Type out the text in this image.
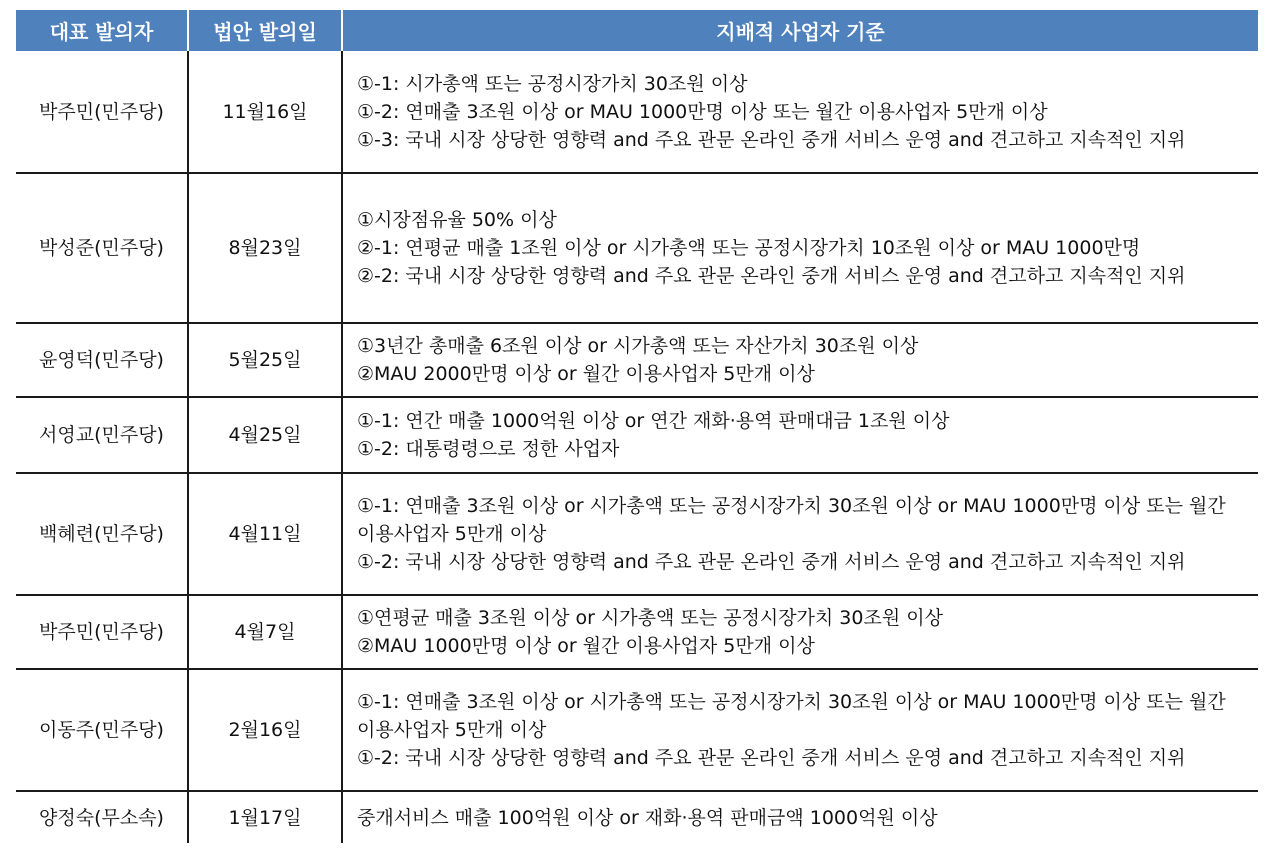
대표 발의자	법안 발의일	지배적 사업자 기준
박주민(민주당)	11월16일	①-1: 시가총액 또는 공정시장가치 30조원 이상
①-2: 연매출 3조원 이상 or MAU 1000만명 이상 또는 월간 이용사업자 5만개 이상
①-3: 국내 시장 상당한 영향력 and 주요 관문 온라인 중개 서비스 운영 and 견고하고 지속적인 지위

박성준(민주당)	8월23일	①시장점유율 50% 이상
②-1: 연평균 매출 1조원 이상 or 시가총액 또는 공정시장가치 10조원 이상 or MAU 1000만명
②-2: 국내 시장 상당한 영향력 and 주요 관문 온라인 중개 서비스 운영 and 견고하고 지속적인 지위

윤영덕(민주당)	5월25일	①3년간 총매출 6조원 이상 or 시가총액 또는 자산가치 30조원 이상
②MAU 2000만명 이상 or 월간 이용사업자 5만개 이상

서영교(민주당)	4월25일	①-1: 연간 매출 1000억원 이상 or 연간 재화·용역 판매대금 1조원 이상
①-2: 대통령령으로 정한 사업자

백혜련(민주당)	4월11일	①-1: 연매출 3조원 이상 or 시가총액 또는 공정시장가치 30조원 이상 or MAU 1000만명 이상 또는 월간 이용사업자 5만개 이상
①-2: 국내 시장 상당한 영향력 and 주요 관문 온라인 중개 서비스 운영 and 견고하고 지속적인 지위

박주민(민주당)	4월7일	①연평균 매출 3조원 이상 or 시가총액 또는 공정시장가치 30조원 이상
②MAU 1000만명 이상 or 월간 이용사업자 5만개 이상

이동주(민주당)	2월16일	①-1: 연매출 3조원 이상 or 시가총액 또는 공정시장가치 30조원 이상 or MAU 1000만명 이상 또는 월간 이용사업자 5만개 이상
①-2: 국내 시장 상당한 영향력 and 주요 관문 온라인 중개 서비스 운영 and 견고하고 지속적인 지위

양정숙(무소속)	1월17일	중개서비스 매출 100억원 이상 or 재화·용역 판매금액 1000억원 이상
